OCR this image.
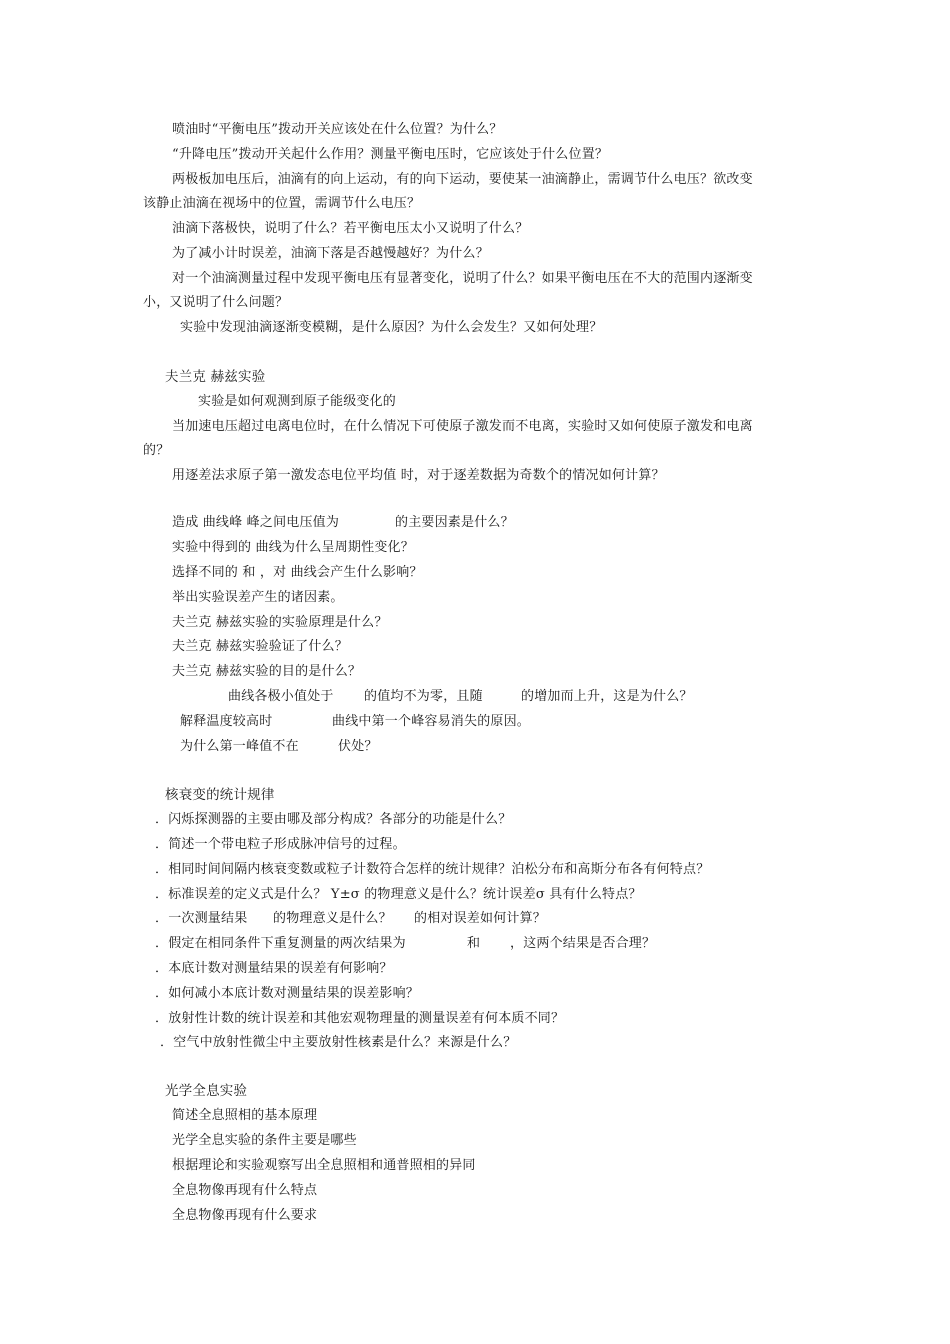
喷油时“平衡电压”拨动开关应该处在什么位置？为什么？
“升降电压”拨动开关起什么作用？测量平衡电压时，它应该处于什么位置？
两极板加电压后，油滴有的向上运动，有的向下运动，要使某一油滴静止，需调节什么电压？欲改变
该静止油滴在视场中的位置，需调节什么电压？
油滴下落极快，说明了什么？若平衡电压太小又说明了什么？
为了减小计时误差，油滴下落是否越慢越好？为什么？
对一个油滴测量过程中发现平衡电压有显著变化，说明了什么？如果平衡电压在不大的范围内逐渐变
小，又说明了什么问题？
实验中发现油滴逐渐变模糊，是什么原因？为什么会发生？又如何处理？
夫兰克 赫兹实验
实验是如何观测到原子能级变化的
当加速电压超过电离电位时，在什么情况下可使原子激发而不电离，实验时又如何使原子激发和电离
的？
用逐差法求原子第一激发态电位平均值 时，对于逐差数据为奇数个的情况如何计算？
造成 曲线峰 峰之间电压值为	的主要因素是什么？
实验中得到的 曲线为什么呈周期性变化？
选择不同的 和 ，对 曲线会产生什么影响？
举出实验误差产生的诸因素。
夫兰克 赫兹实验的实验原理是什么？
夫兰克 赫兹实验验证了什么？
夫兰克 赫兹实验的目的是什么？
曲线各极小值处于 的值均不为零，且随	的增加而上升，这是为什么？
解释温度较高时	曲线中第一个峰容易消失的原因。
为什么第一峰值不在	伏处？
核衰变的统计规律
．闪烁探测器的主要由哪及部分构成？各部分的功能是什么？
．简述一个带电粒子形成脉冲信号的过程。
．相同时间间隔内核衰变数或粒子计数符合怎样的统计规律？泊松分布和高斯分布各有何特点？
．标准误差的定义式是什么？ Y±σ 的物理意义是什么？统计误差σ 具有什么特点？
．一次测量结果 的物理意义是什么？ 的相对误差如何计算？
．假定在相同条件下重复测量的两次结果为	和 ，这两个结果是否合理？
．本底计数对测量结果的误差有何影响？
．如何减小本底计数对测量结果的误差影响？
．放射性计数的统计误差和其他宏观物理量的测量误差有何本质不同？
．空气中放射性微尘中主要放射性核素是什么？来源是什么？
光学全息实验
简述全息照相的基本原理
光学全息实验的条件主要是哪些
根据理论和实验观察写出全息照相和通普照相的异同
全息物像再现有什么特点
全息物像再现有什么要求
